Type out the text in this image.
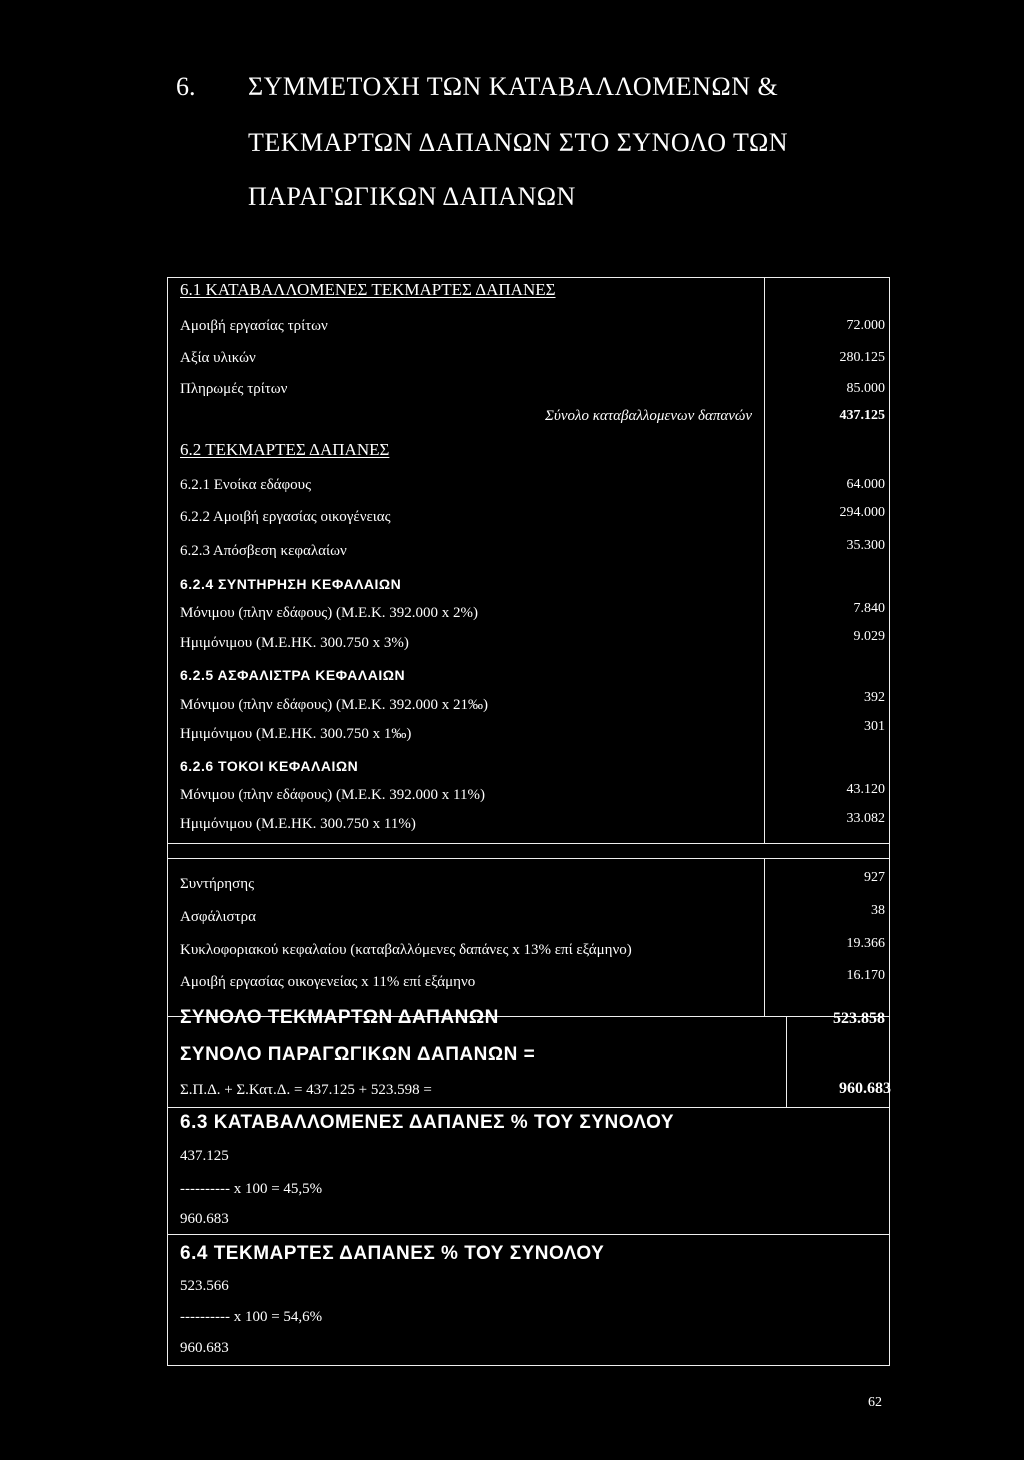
6. ΣΥΜΜΕΤΟΧΗ ΤΩΝ ΚΑΤΑΒΑΛΛΟΜΕΝΩΝ &
ΤΕΚΜΑΡΤΩΝ ΔΑΠΑΝΩΝ ΣΤΟ ΣΥΝΟΛΟ ΤΩΝ
ΠΑΡΑΓΩΓΙΚΩΝ ΔΑΠΑΝΩΝ
6.1 ΚΑΤΑΒΑΛΛΟΜΕΝΕΣ ΤΕΚΜΑΡΤΕΣ ΔΑΠΑΝΕΣ
Αμοιβή εργασίας τρίτων	72.000
Αξία υλικών	280.125
Πληρωμές τρίτων	85.000
Σύνολο καταβαλλομενων δαπανών	437.125
6.2 ΤΕΚΜΑΡΤΕΣ ΔΑΠΑΝΕΣ
6.2.1 Ενοίκα εδάφους	64.000
6.2.2 Αμοιβή εργασίας οικογένειας	294.000
6.2.3 Απόσβεση κεφαλαίων	35.300
6.2.4 ΣΥΝΤΗΡΗΣΗ ΚΕΦΑΛΑΙΩΝ
Μόνιμου (πλην εδάφους) (Μ.Ε.Κ. 392.000 x 2%)	7.840
Ημιμόνιμου (Μ.Ε.ΗΚ. 300.750 x 3%)	9.029
6.2.5 ΑΣΦΑΛΙΣΤΡΑ ΚΕΦΑΛΑΙΩΝ
Μόνιμου (πλην εδάφους) (Μ.Ε.Κ. 392.000 x 21‰)	392
Ημιμόνιμου (Μ.Ε.ΗΚ. 300.750 x 1‰)	301
6.2.6 ΤΟΚΟΙ ΚΕΦΑΛΑΙΩΝ
Μόνιμου (πλην εδάφους) (Μ.Ε.Κ. 392.000 x 11%)	43.120
Ημιμόνιμου (Μ.Ε.ΗΚ. 300.750 x 11%)	33.082
Συντήρησης	927
Ασφάλιστρα	38
Κυκλοφοριακού κεφαλαίου (καταβαλλόμενες δαπάνες x 13% επί εξάμηνο)	19.366
Αμοιβή εργασίας οικογενείας x 11% επί εξάμηνο	16.170
ΣΥΝΟΛΟ ΤΕΚΜΑΡΤΩΝ ΔΑΠΑΝΩΝ	523.858
ΣΥΝΟΛΟ ΠΑΡΑΓΩΓΙΚΩΝ ΔΑΠΑΝΩΝ =
Σ.Π.Δ. + Σ.Κατ.Δ. = 437.125 + 523.598 =	960.683
6.3 ΚΑΤΑΒΑΛΛΟΜΕΝΕΣ ΔΑΠΑΝΕΣ % ΤΟΥ ΣΥΝΟΛΟΥ
437.125
---------- x 100 = 45,5%
960.683
6.4 ΤΕΚΜΑΡΤΕΣ ΔΑΠΑΝΕΣ % ΤΟΥ ΣΥΝΟΛΟΥ
523.566
---------- x 100 = 54,6%
960.683
62
